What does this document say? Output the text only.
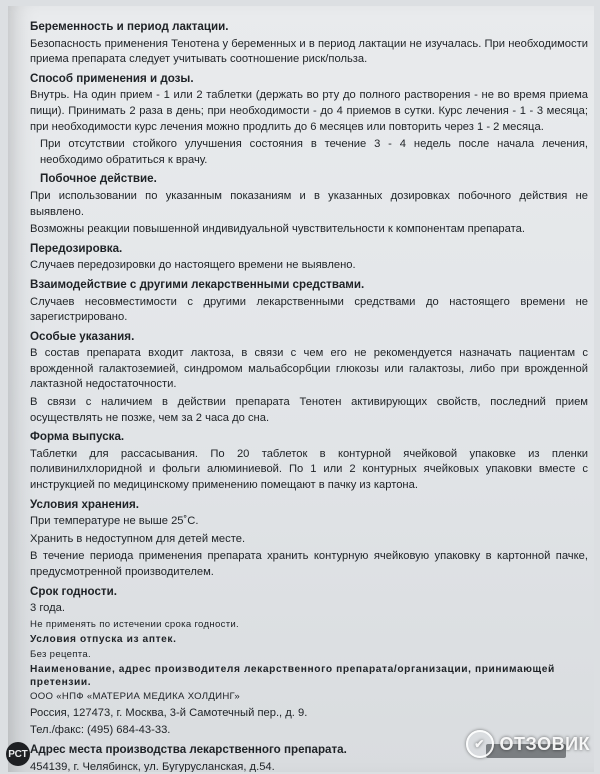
Беременность и период лактации.
Безопасность применения Тенотена у беременных и в период лактации не изучалась. При необходимости приема препарата следует учитывать соотношение риск/польза.
Способ применения и дозы.
Внутрь. На один прием - 1 или 2 таблетки (держать во рту до полного растворения - не во время приема пищи). Принимать 2 раза в день; при необходимости - до 4 приемов в сутки. Курс лечения - 1 - 3 месяца; при необходимости курс лечения можно продлить до 6 месяцев или повторить через 1 - 2 месяца.
При отсутствии стойкого улучшения состояния в течение 3 - 4 недель после начала лечения, необходимо обратиться к врачу.
Побочное действие.
При использовании по указанным показаниям и в указанных дозировках побочного действия не выявлено.
Возможны реакции повышенной индивидуальной чувствительности к компонентам препарата.
Передозировка.
Случаев передозировки до настоящего времени не выявлено.
Взаимодействие с другими лекарственными средствами.
Случаев несовместимости с другими лекарственными средствами до настоящего времени не зарегистрировано.
Особые указания.
В состав препарата входит лактоза, в связи с чем его не рекомендуется назначать пациентам с врожденной галактоземией, синдромом мальабсорбции глюкозы или галактозы, либо при врожденной лактазной недостаточности.
В связи с наличием в действии препарата Тенотен активирующих свойств, последний прием осуществлять не позже, чем за 2 часа до сна.
Форма выпуска.
Таблетки для рассасывания. По 20 таблеток в контурной ячейковой упаковке из пленки поливинилхлоридной и фольги алюминиевой. По 1 или 2 контурных ячейковых упаковки вместе с инструкцией по медицинскому применению помещают в пачку из картона.
Условия хранения.
При температуре не выше 25˚С.
Хранить в недоступном для детей месте.
В течение периода применения препарата хранить контурную ячейковую упаковку в картонной пачке, предусмотренной производителем.
Срок годности.
3 года.
Не применять по истечении срока годности.
Условия отпуска из аптек.
Без рецепта.
Наименование, адрес производителя лекарственного препарата/организации, принимающей претензии.
ООО «НПФ «МАТЕРИА МЕДИКА ХОЛДИНГ»
Россия, 127473, г. Москва, 3-й Самотечный пер., д. 9.
Тел./факс: (495) 684-43-33.
Адрес места производства лекарственного препарата.
454139, г. Челябинск, ул. Бугурусланская, д.54.
РСТ
✔ ОТЗОВИК
